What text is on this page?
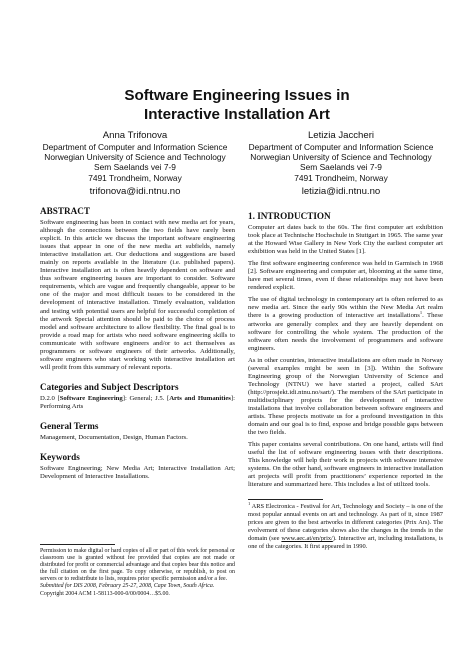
Software Engineering Issues in
Interactive Installation Art
Anna Trifonova
Department of Computer and Information Science
Norwegian University of Science and Technology
Sem Saelands vei 7-9
7491 Trondheim, Norway
trifonova@idi.ntnu.no
Letizia Jaccheri
Department of Computer and Information Science
Norwegian University of Science and Technology
Sem Saelands vei 7-9
7491 Trondheim, Norway
letizia@idi.ntnu.no
ABSTRACT

Software engineering has been in contact with new media art for years, although the connections between the two fields have rarely been explicit. In this article we discuss the important software engineering issues that appear in one of the new media art subfields, namely interactive installation art. Our deductions and suggestions are based mainly on reports available in the literature (i.e. published papers). Interactive installation art is often heavily dependent on software and thus software engineering issues are important to consider. Software requirements, which are vague and frequently changeable, appear to be one of the major and most difficult issues to be considered in the development of interactive installation. Timely evaluation, validation and testing with potential users are helpful for successful completion of the artwork Special attention should be paid to the choice of process model and software architecture to allow flexibility. The final goal is to provide a road map for artists who need software engineering skills to communicate with software engineers and/or to act themselves as programmers or software engineers of their artworks. Additionally, software engineers who start working with interactive installation art will profit from this summary of relevant reports.

Categories and Subject Descriptors

D.2.0 [Software Engineering]: General; J.5. [Arts and Humanities]: Performing Arts

General Terms

Management, Documentation, Design, Human Factors.

Keywords

Software Engineering; New Media Art; Interactive Installation Art; Development of Interactive Installations.

Permission to make digital or hard copies of all or part of this work for personal or classroom use is granted without fee provided that copies are not made or distributed for profit or commercial advantage and that copies bear this notice and the full citation on the first page. To copy otherwise, or republish, to post on servers or to redistribute to lists, requires prior specific permission and/or a fee.
Submitted for DIS 2008, February 25-27, 2008, Cape Town, South Africa.
Copyright 2004 ACM 1-58113-000-0/00/0004…$5.00.
1. INTRODUCTION

Computer art dates back to the 60s. The first computer art exhibition took place at Technische Hochschule in Stuttgart in 1965. The same year at the Howard Wise Gallery in New York City the earliest computer art exhibition was held in the United States [1].

The first software engineering conference was held in Garmisch in 1968 [2]. Software engineering and computer art, blooming at the same time, have met several times, even if these relationships may not have been rendered explicit.

The use of digital technology in contemporary art is often referred to as new media art. Since the early 90s within the New Media Art realm there is a growing production of interactive art installations$^1$. These artworks are generally complex and they are heavily dependent on software for controlling the whole system. The production of the software often needs the involvement of programmers and software engineers.

As in other countries, interactive installations are often made in Norway (several examples might be seen in [3]). Within the Software Engineering group of the Norwegian University of Science and Technology (NTNU) we have started a project, called SArt (http://prosjekt.idi.ntnu.no/sart/). The members of the SArt participate in multidisciplinary projects for the development of interactive installations that involve collaboration between software engineers and artists. These projects motivate us for a profound investigation in this domain and our goal is to find, expose and bridge possible gaps between the two fields.

This paper contains several contributions. On one hand, artists will find useful the list of software engineering issues with their descriptions. This knowledge will help their work in projects with software intensive systems. On the other hand, software engineers in interactive installation art projects will profit from practitioners’ experience reported in the literature and summarized here. This includes a list of utilized tools.

$^1$ ARS Electronica - Festival for Art, Technology and Society – is one of the most popular annual events on art and technology. As part of it, since 1987 prices are given to the best artworks in different categories (Prix Ars). The evolvement of these categories shows also the changes in the trends in the domain (see www.aec.at/en/prix/). Interactive art, including installations, is one of the categories. It first appeared in 1990.
